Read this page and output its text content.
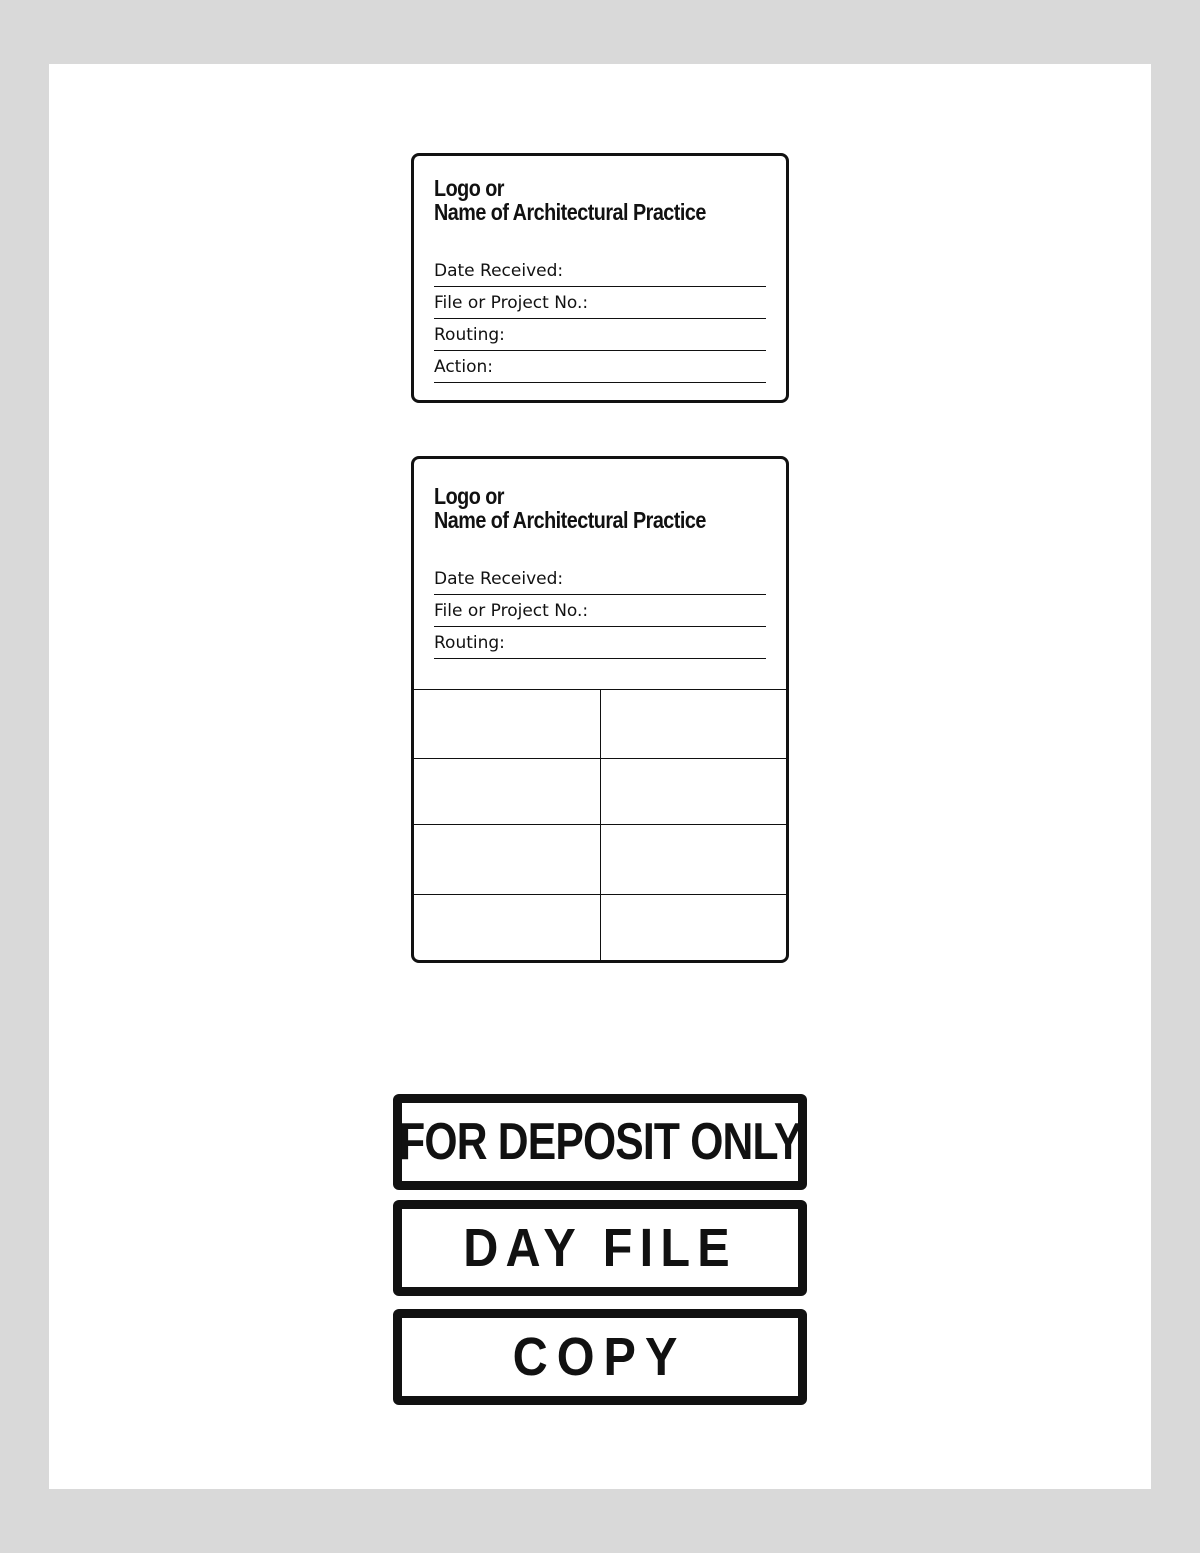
Logo or
Name of Architectural Practice
Date Received:
File or Project No.:
Routing:
Action:
Logo or
Name of Architectural Practice
Date Received:
File or Project No.:
Routing:
FOR DEPOSIT ONLY
DAY FILE
COPY
